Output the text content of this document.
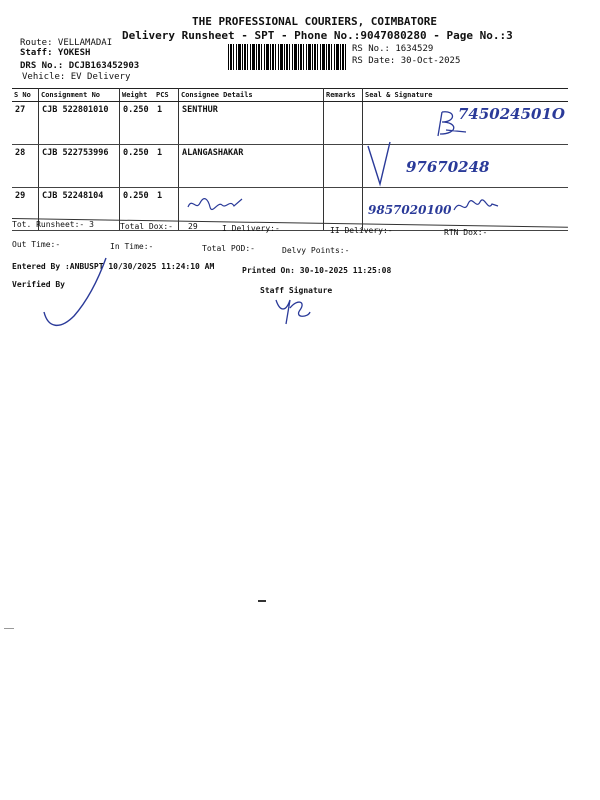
THE PROFESSIONAL COURIERS, COIMBATORE
Delivery Runsheet - SPT - Phone No.:9047080280 - Page No.:3
Route: VELLAMADAI
Staff: YOKESH
DRS No.: DCJB163452903
Vehicle: EV Delivery
RS No.: 1634529
RS Date: 30-Oct-2025
S No	Consignment No	Weight	PCS	Consignee Details	Remarks	Seal & Signature
27	CJB 522801010	0.250	1	SENTHUR		745024501O
28	CJB 522753996	0.250	1	ALANGASHAKAR		97670248
29	CJB 52248104	0.250	1			9857020100
Tot. Runsheet:- 3	Total Dox:- 29	I Delivery:-	II Delivery:-	RTN Dox:-
Out Time:-	In Time:-	Total POD:-	Delvy Points:-
Entered By :ANBUSPT 10/30/2025 11:24:10 AM	Printed On: 30-10-2025 11:25:08
Verified By
Staff Signature
